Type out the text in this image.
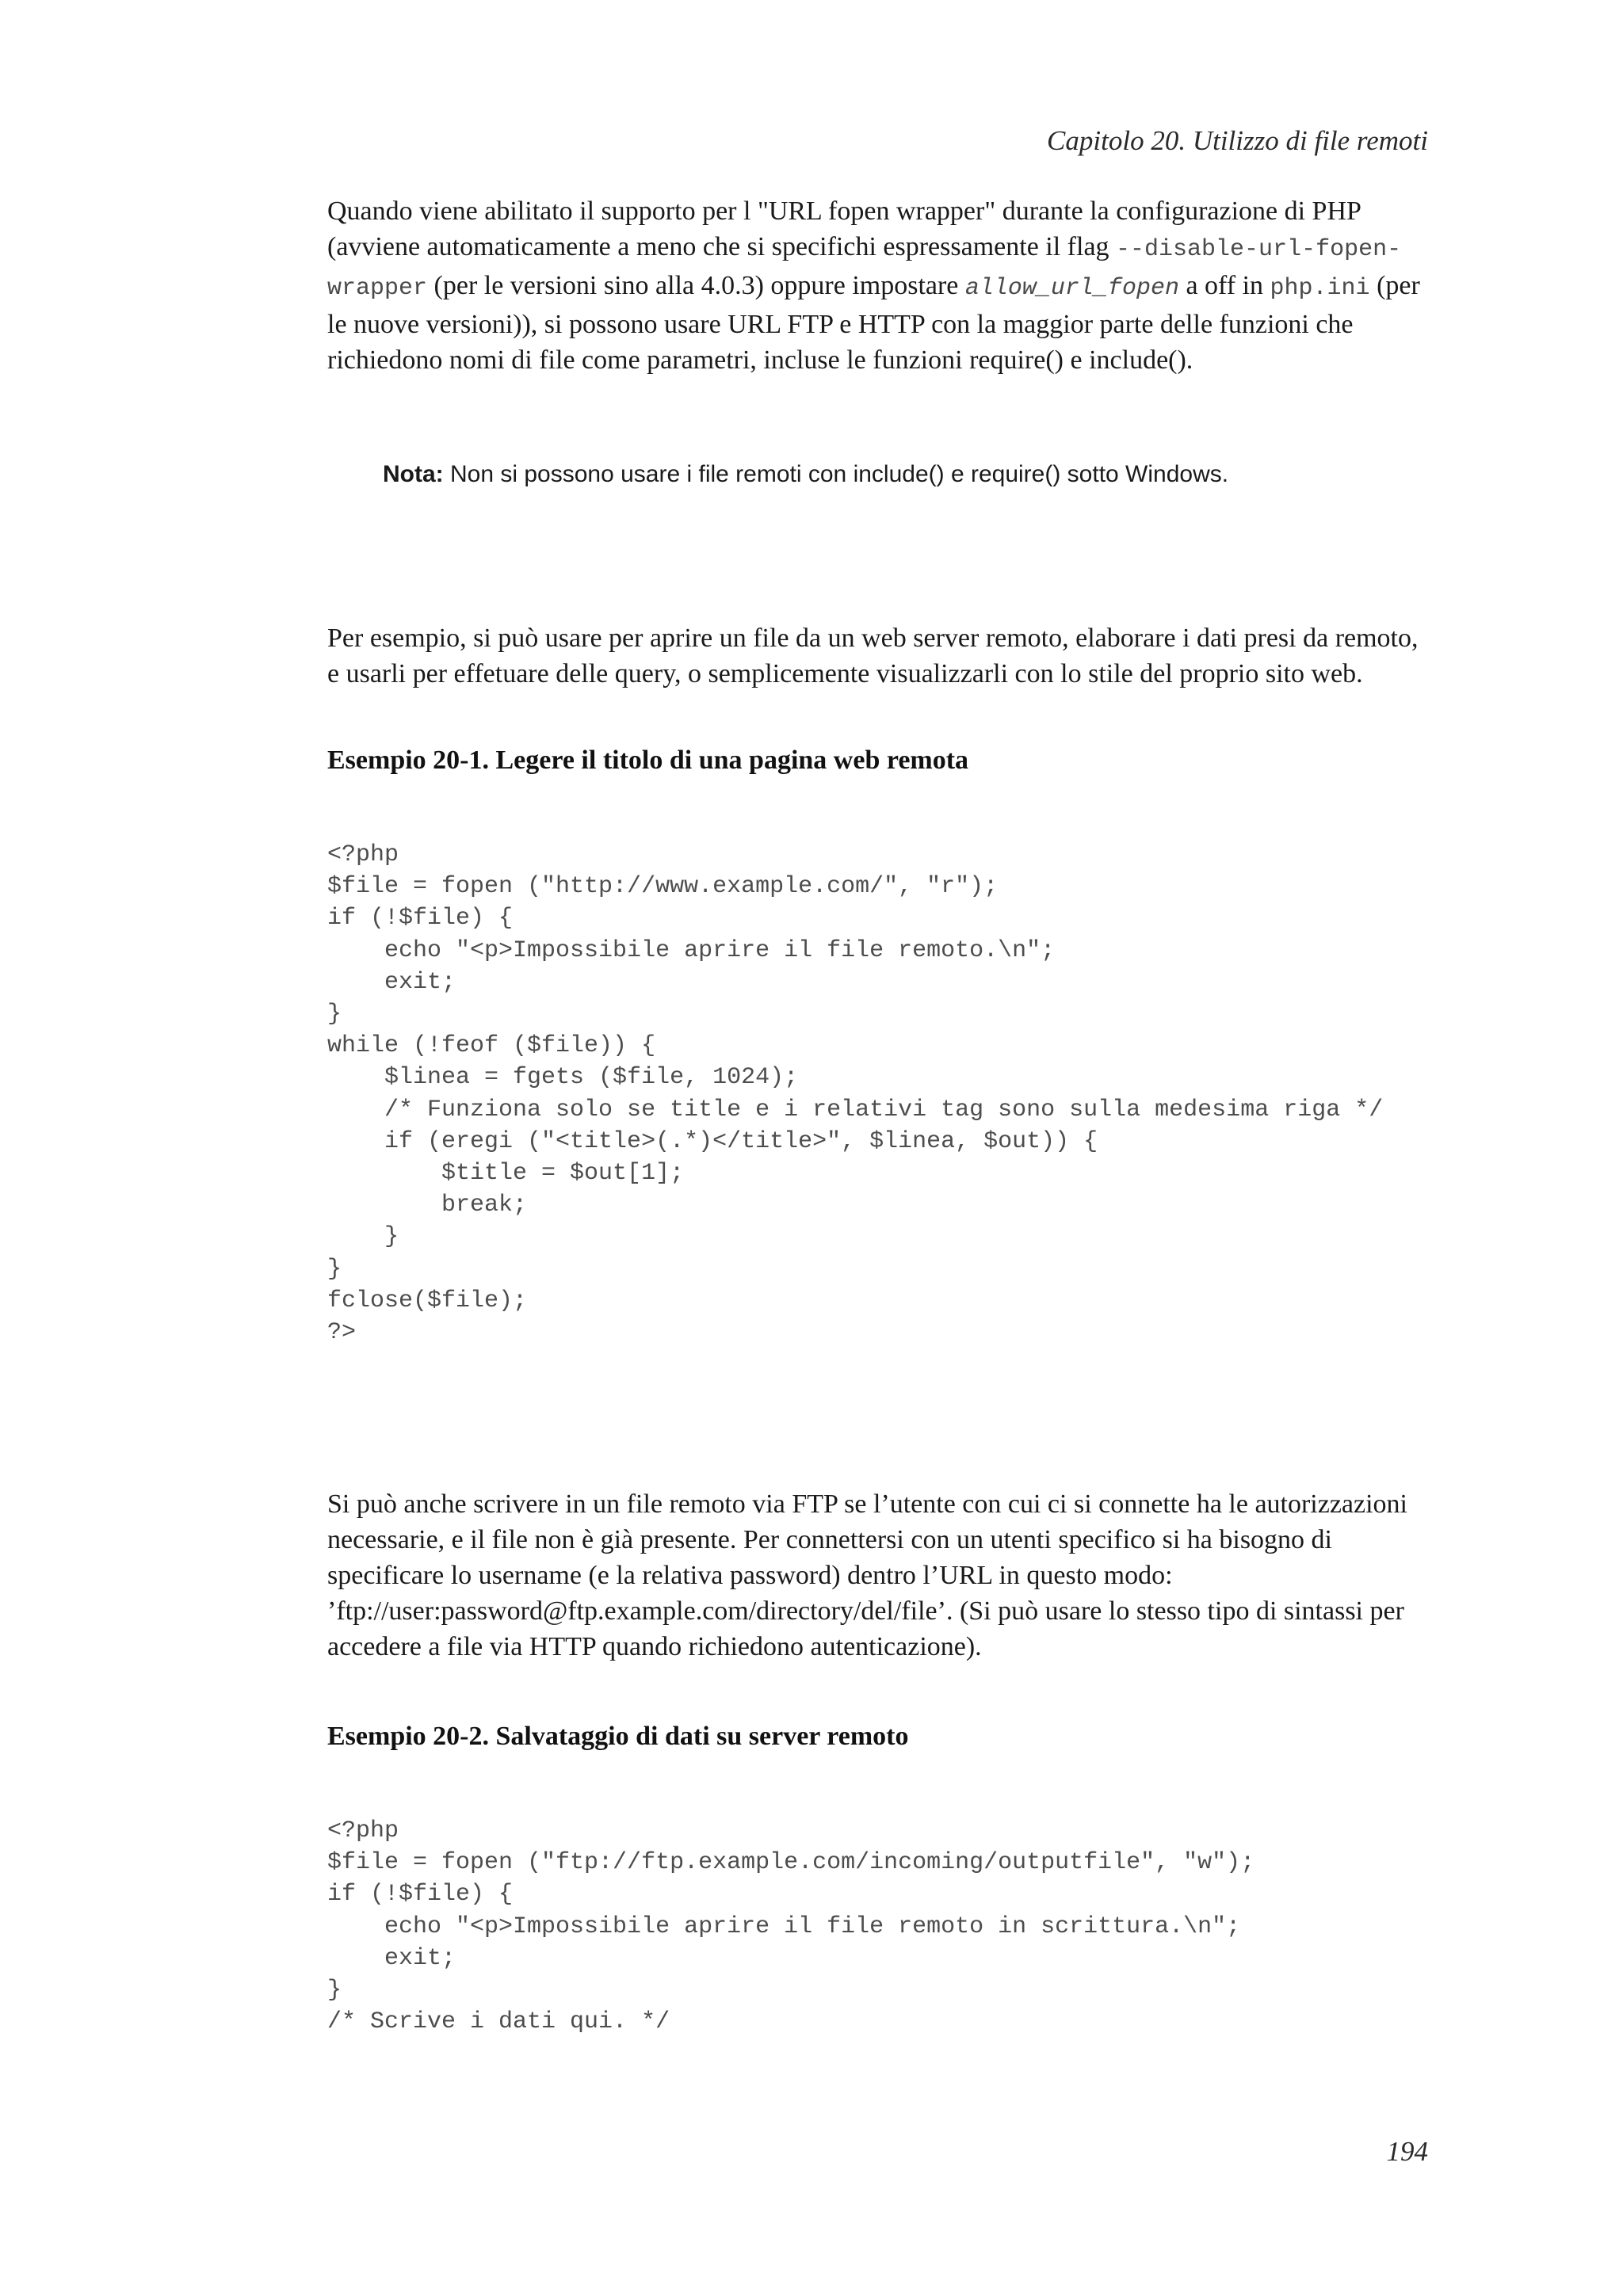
Capitolo 20. Utilizzo di file remoti

Quando viene abilitato il supporto per l "URL fopen wrapper" durante la configurazione di PHP (avviene automaticamente a meno che si specifichi espressamente il flag --disable-url-fopen-wrapper (per le versioni sino alla 4.0.3) oppure impostare allow_url_fopen a off in php.ini (per le nuove versioni)), si possono usare URL FTP e HTTP con la maggior parte delle funzioni che richiedono nomi di file come parametri, incluse le funzioni require() e include().

Nota: Non si possono usare i file remoti con include() e require() sotto Windows.

Per esempio, si può usare per aprire un file da un web server remoto, elaborare i dati presi da remoto, e usarli per effetuare delle query, o semplicemente visualizzarli con lo stile del proprio sito web.

Esempio 20-1. Legere il titolo di una pagina web remota

<?php
$file = fopen ("http://www.example.com/", "r");
if (!$file) {
echo "<p>Impossibile aprire il file remoto.\n";
exit;
}
while (!feof ($file)) {
$linea = fgets ($file, 1024);
/* Funziona solo se title e i relativi tag sono sulla medesima riga */
if (eregi ("<title>(.*)</title>", $linea, $out)) {
$title = $out[1];
break;
}
}
fclose($file);
?>

Si può anche scrivere in un file remoto via FTP se l’utente con cui ci si connette ha le autorizzazioni necessarie, e il file non è già presente. Per connettersi con un utenti specifico si ha bisogno di specificare lo username (e la relativa password) dentro l’URL in questo modo: ’ftp://user:password@ftp.example.com/directory/del/file’. (Si può usare lo stesso tipo di sintassi per accedere a file via HTTP quando richiedono autenticazione).

Esempio 20-2. Salvataggio di dati su server remoto

<?php
$file = fopen ("ftp://ftp.example.com/incoming/outputfile", "w");
if (!$file) {
echo "<p>Impossibile aprire il file remoto in scrittura.\n";
exit;
}
/* Scrive i dati qui. */
194
